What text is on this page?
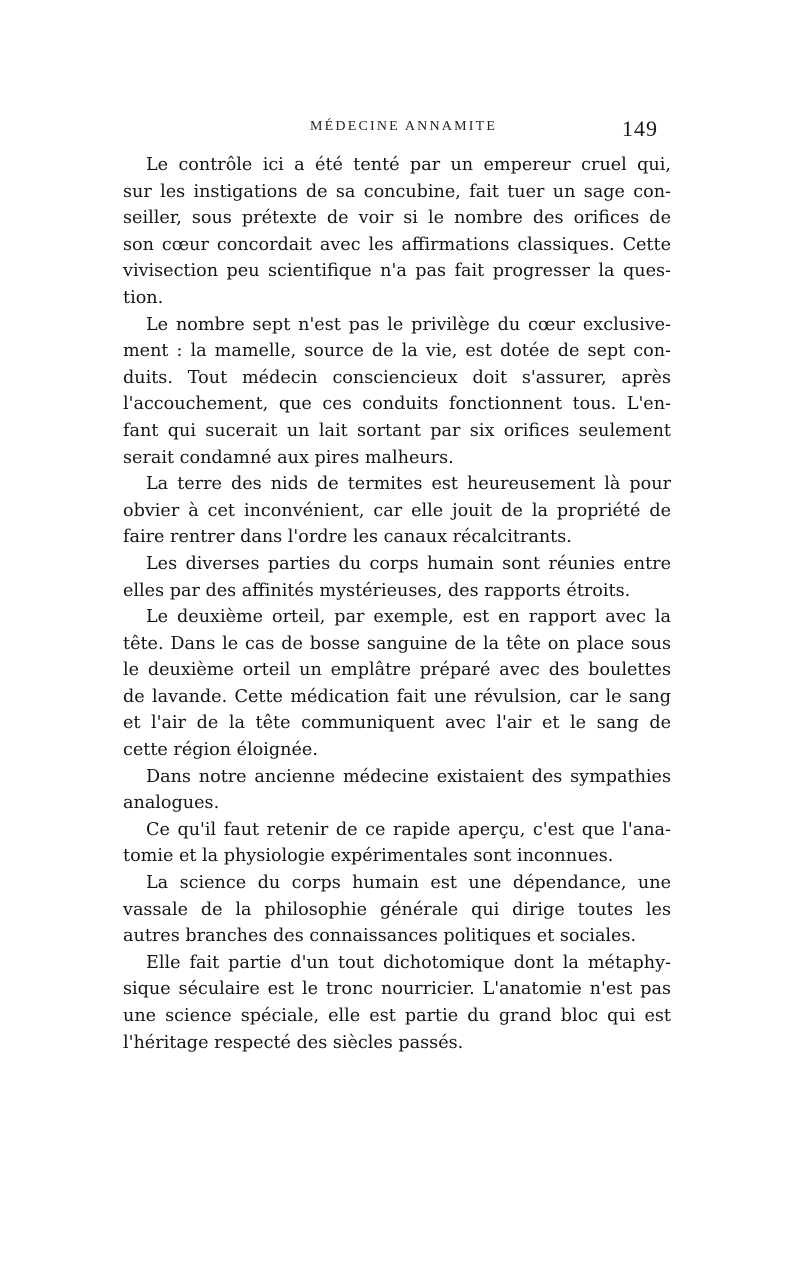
MÉDECINE ANNAMITE	149
Le contrôle ici a été tenté par un empereur cruel qui,
sur les instigations de sa concubine, fait tuer un sage con-
seiller, sous prétexte de voir si le nombre des orifices de
son cœur concordait avec les affirmations classiques. Cette
vivisection peu scientifique n'a pas fait progresser la ques-
tion.
Le nombre sept n'est pas le privilège du cœur exclusive-
ment : la mamelle, source de la vie, est dotée de sept con-
duits. Tout médecin consciencieux doit s'assurer, après
l'accouchement, que ces conduits fonctionnent tous. L'en-
fant qui sucerait un lait sortant par six orifices seulement
serait condamné aux pires malheurs.
La terre des nids de termites est heureusement là pour
obvier à cet inconvénient, car elle jouit de la propriété de
faire rentrer dans l'ordre les canaux récalcitrants.
Les diverses parties du corps humain sont réunies entre
elles par des affinités mystérieuses, des rapports étroits.
Le deuxième orteil, par exemple, est en rapport avec la
tête. Dans le cas de bosse sanguine de la tête on place sous
le deuxième orteil un emplâtre préparé avec des boulettes
de lavande. Cette médication fait une révulsion, car le sang
et l'air de la tête communiquent avec l'air et le sang de
cette région éloignée.
Dans notre ancienne médecine existaient des sympathies
analogues.
Ce qu'il faut retenir de ce rapide aperçu, c'est que l'ana-
tomie et la physiologie expérimentales sont inconnues.
La science du corps humain est une dépendance, une
vassale de la philosophie générale qui dirige toutes les
autres branches des connaissances politiques et sociales.
Elle fait partie d'un tout dichotomique dont la métaphy-
sique séculaire est le tronc nourricier. L'anatomie n'est pas
une science spéciale, elle est partie du grand bloc qui est
l'héritage respecté des siècles passés.
